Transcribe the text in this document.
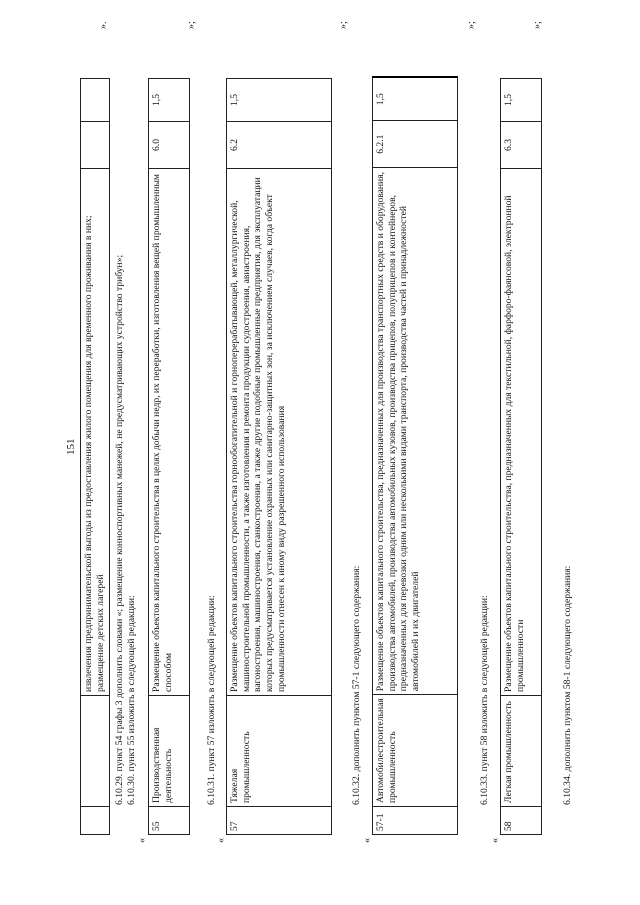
151
		извлечения предпринимательской выгоды из предоставления жилого помещения для временного проживания в них; размещение детских лагерей		
».
6.10.29. пункт 54 графы 3 дополнить словами «; размещение конноспортивных манежей, не предусматривающих устройство трибун»; 6.10.30. пункт 55 изложить в следующей редакции:
«
55	Производственная деятельность	Размещение объектов капитального строительства в целях добычи недр, их переработки, изготовления вещей промышленным способом	6.0	1,5
»;
6.10.31. пункт 57 изложить в следующей редакции:
«
57	Тяжелая промышленность	Размещение объектов капитального строительства горнообогатительной и горноперерабатывающей, металлургической, машиностроительной промышленности, а также изготовления и ремонта продукции судостроения, авиастроения, вагоностроения, машиностроения, станкостроения, а также другие подобные промышленные предприятия, для эксплуатации которых предусматривается установление охранных или санитарно-защитных зон, за исключением случаев, когда объект промышленности отнесен к иному виду разрешенного использования	6.2	1,5
»;
6.10.32. дополнить пунктом 57-1 следующего содержания:
«
57-1	Автомобилестроительная промышленность	Размещение объектов капитального строительства, предназначенных для производства транспортных средств и оборудования, производства автомобилей, производства автомобильных кузовов, производства прицепов, полуприцепов и контейнеров, предназначенных для перевозки одним или несколькими видами транспорта, производства частей и принадлежностей автомобилей и их двигателей	6.2.1	1,5
»;
6.10.33. пункт 58 изложить в следующей редакции:
«
58	Легкая промышленность	Размещение объектов капитального строительства, предназначенных для текстильной, фарфоро-фаянсовой, электронной промышленности	6.3	1,5
»;
6.10.34. дополнить пунктом 58-1 следующего содержания:
